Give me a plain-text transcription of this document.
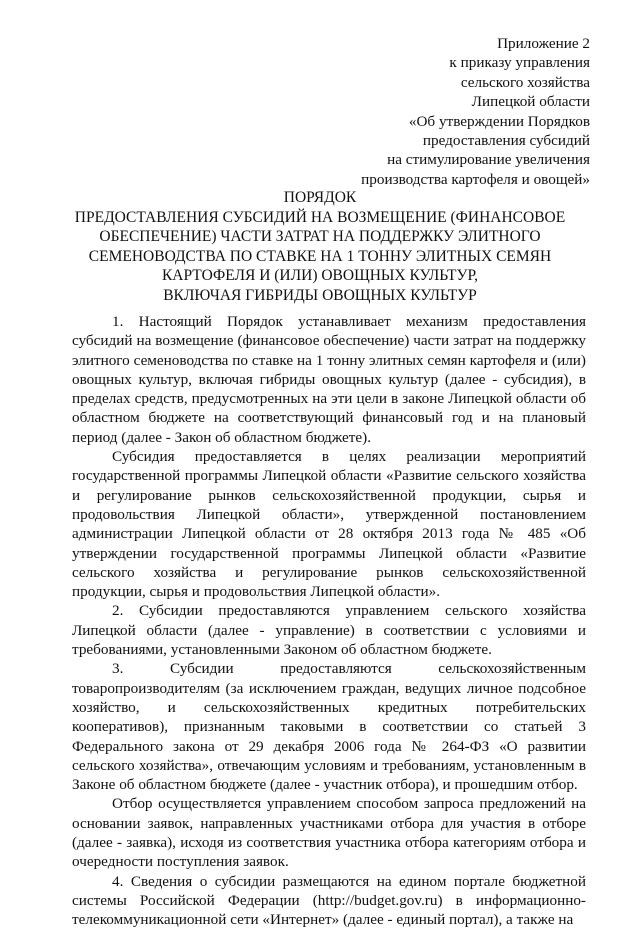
Приложение 2
к приказу управления
сельского хозяйства
Липецкой области
«Об утверждении Порядков
предоставления субсидий
на стимулирование увеличения
производства картофеля и овощей»
ПОРЯДОК
ПРЕДОСТАВЛЕНИЯ СУБСИДИЙ НА ВОЗМЕЩЕНИЕ (ФИНАНСОВОЕ
ОБЕСПЕЧЕНИЕ) ЧАСТИ ЗАТРАТ НА ПОДДЕРЖКУ ЭЛИТНОГО
СЕМЕНОВОДСТВА ПО СТАВКЕ НА 1 ТОННУ ЭЛИТНЫХ СЕМЯН
КАРТОФЕЛЯ И (ИЛИ) ОВОЩНЫХ КУЛЬТУР,
ВКЛЮЧАЯ ГИБРИДЫ ОВОЩНЫХ КУЛЬТУР

1. Настоящий Порядок устанавливает механизм предоставления субсидий на возмещение (финансовое обеспечение) части затрат на поддержку элитного семеноводства по ставке на 1 тонну элитных семян картофеля и (или) овощных культур, включая гибриды овощных культур (далее - субсидия), в пределах средств, предусмотренных на эти цели в законе Липецкой области об областном бюджете на соответствующий финансовый год и на плановый период (далее - Закон об областном бюджете).

Субсидия предоставляется в целях реализации мероприятий государственной программы Липецкой области «Развитие сельского хозяйства и регулирование рынков сельскохозяйственной продукции, сырья и продовольствия Липецкой области», утвержденной постановлением администрации Липецкой области от 28 октября 2013 года № 485 «Об утверждении государственной программы Липецкой области «Развитие сельского хозяйства и регулирование рынков сельскохозяйственной продукции, сырья и продовольствия Липецкой области».

2. Субсидии предоставляются управлением сельского хозяйства Липецкой области (далее - управление) в соответствии с условиями и требованиями, установленными Законом об областном бюджете.

3. Субсидии предоставляются сельскохозяйственным товаропроизводителям (за исключением граждан, ведущих личное подсобное хозяйство, и сельскохозяйственных кредитных потребительских кооперативов), признанным таковыми в соответствии со статьей 3 Федерального закона от 29 декабря 2006 года № 264-ФЗ «О развитии сельского хозяйства», отвечающим условиям и требованиям, установленным в Законе об областном бюджете (далее - участник отбора), и прошедшим отбор.

Отбор осуществляется управлением способом запроса предложений на основании заявок, направленных участниками отбора для участия в отборе (далее - заявка), исходя из соответствия участника отбора категориям отбора и очередности поступления заявок.

4. Сведения о субсидии размещаются на едином портале бюджетной системы Российской Федерации (http://budget.gov.ru) в информационно-телекоммуникационной сети «Интернет» (далее - единый портал), а также на
